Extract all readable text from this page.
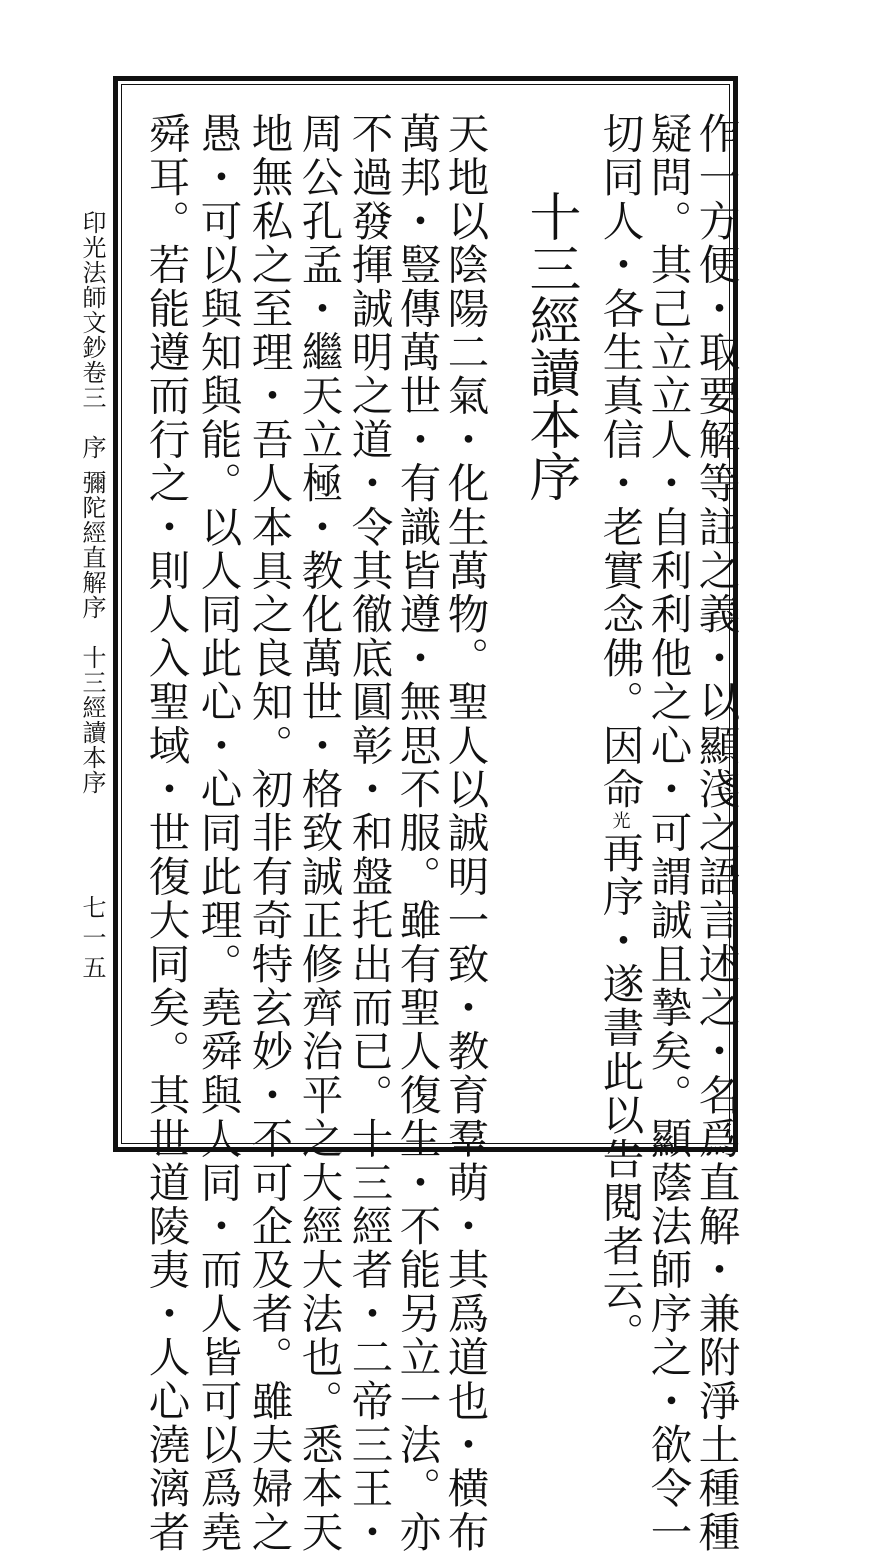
作一方便・取要解等註之義・以顯淺之語言述之・名爲直解・兼附淨土種種
疑問。其己立立人・自利利他之心・可謂誠且摯矣。顯蔭法師序之・欲令一
切同人・各生真信・老實念佛。因命光再序・遂書此以告閱者云。
十三經讀本序
天地以陰陽二氣・化生萬物。聖人以誠明一致・教育羣萌・其爲道也・横布
萬邦・豎傳萬世・有識皆遵・無思不服。雖有聖人復生・不能另立一法。亦
不過發揮誠明之道・令其徹底圓彰・和盤托出而已。十三經者・二帝三王・
周公孔孟・繼天立極・教化萬世・格致誠正修齊治平之大經大法也。悉本天
地無私之至理・吾人本具之良知。初非有奇特玄妙・不可企及者。雖夫婦之
愚・可以與知與能。以人同此心・心同此理。堯舜與人同・而人皆可以爲堯
舜耳。若能遵而行之・則人入聖域・世復大同矣。其世道陵夷・人心澆漓者
印光法師文鈔卷三　序
彌陀經直解序　十三經讀本序
七一五
